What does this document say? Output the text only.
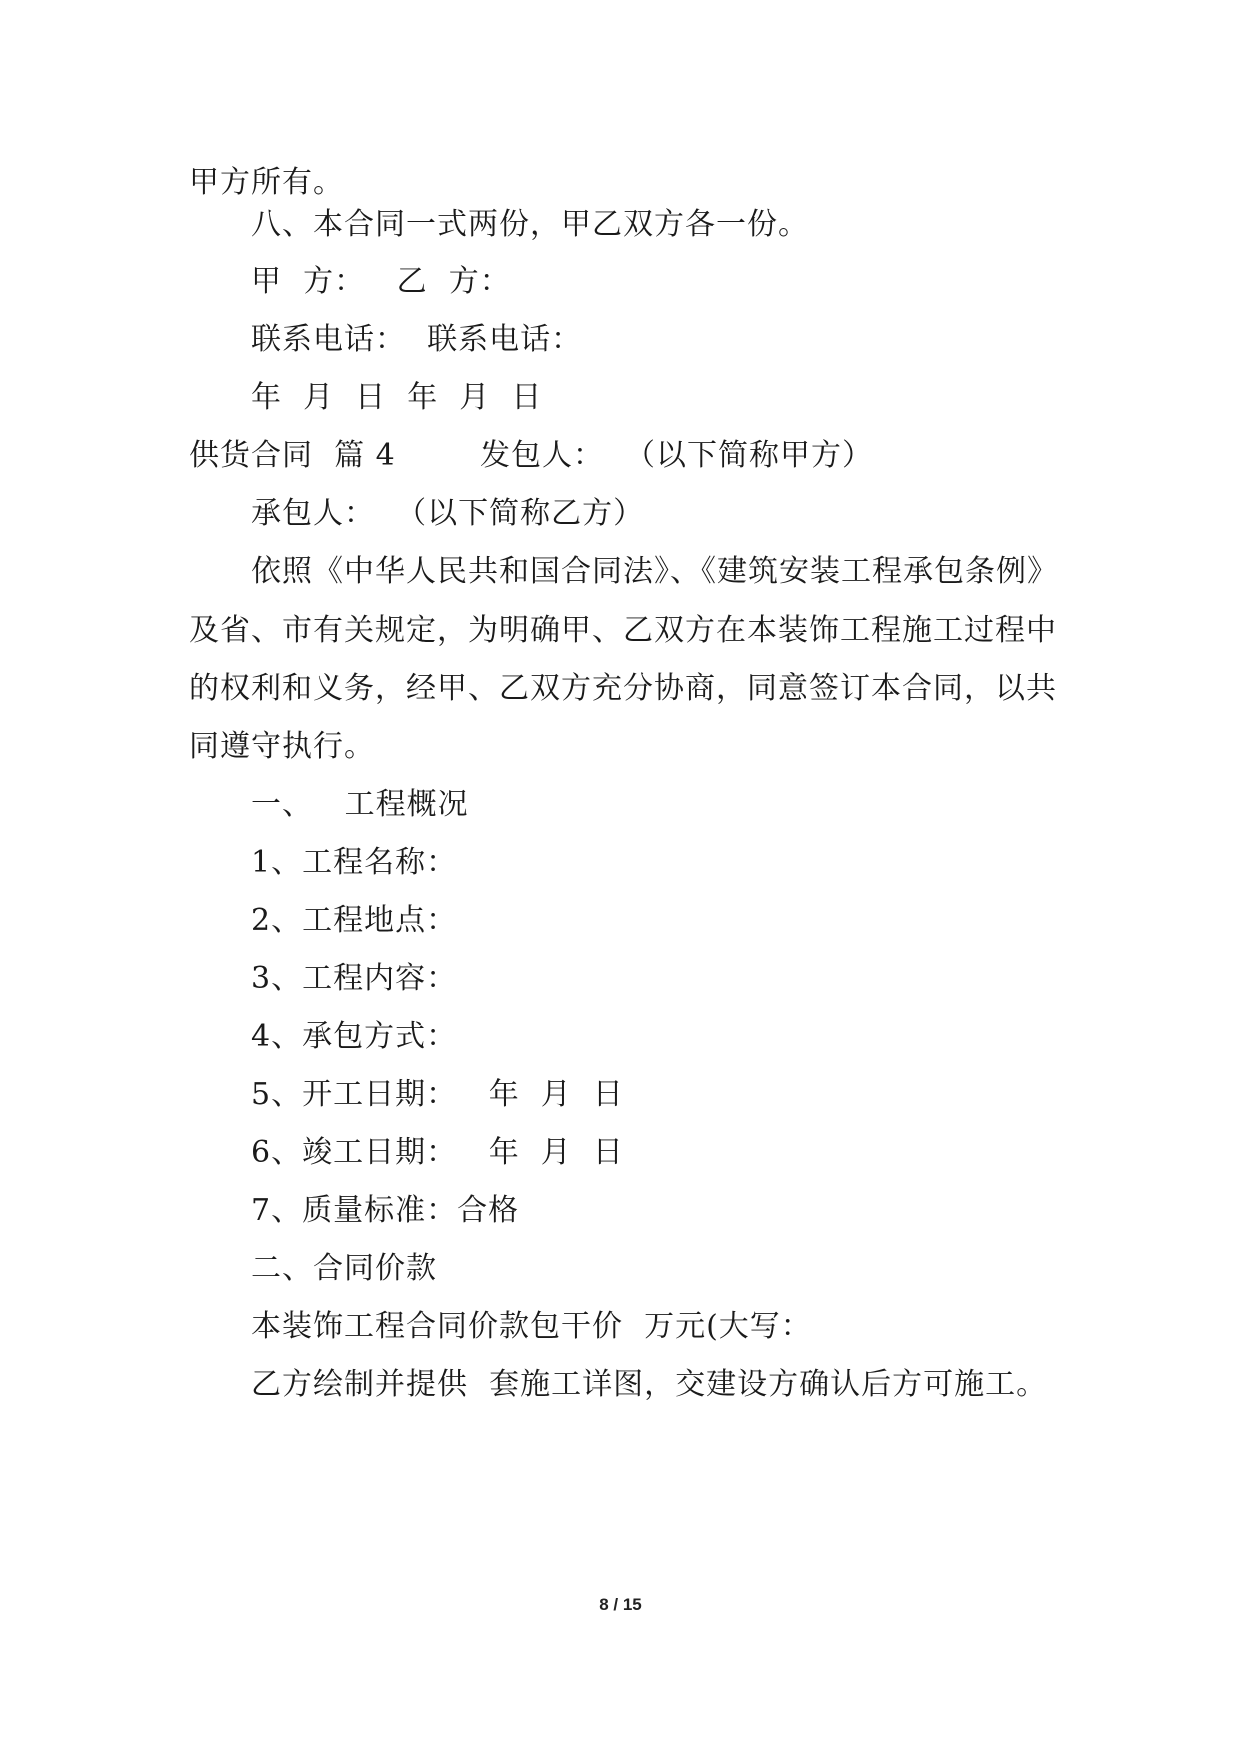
甲方所有。
八、本合同一式两份，甲乙双方各一份。
甲  方：   乙  方：
联系电话：  联系电话：
年  月  日  年  月  日
供货合同  篇 4        发包人：  （以下简称甲方）
承包人：  （以下简称乙方）
依照《中华人民共和国合同法》、《建筑安装工程承包条例》
及省、市有关规定，为明确甲、乙双方在本装饰工程施工过程中
的权利和义务，经甲、乙双方充分协商，同意签订本合同，以共
同遵守执行。
一、   工程概况
1、工程名称：
2、工程地点：
3、工程内容：
4、承包方式：
5、开工日期：   年  月  日
6、竣工日期：   年  月  日
7、质量标准：合格
二、合同价款
本装饰工程合同价款包干价  万元(大写：
乙方绘制并提供  套施工详图，交建设方确认后方可施工。
8 / 15
